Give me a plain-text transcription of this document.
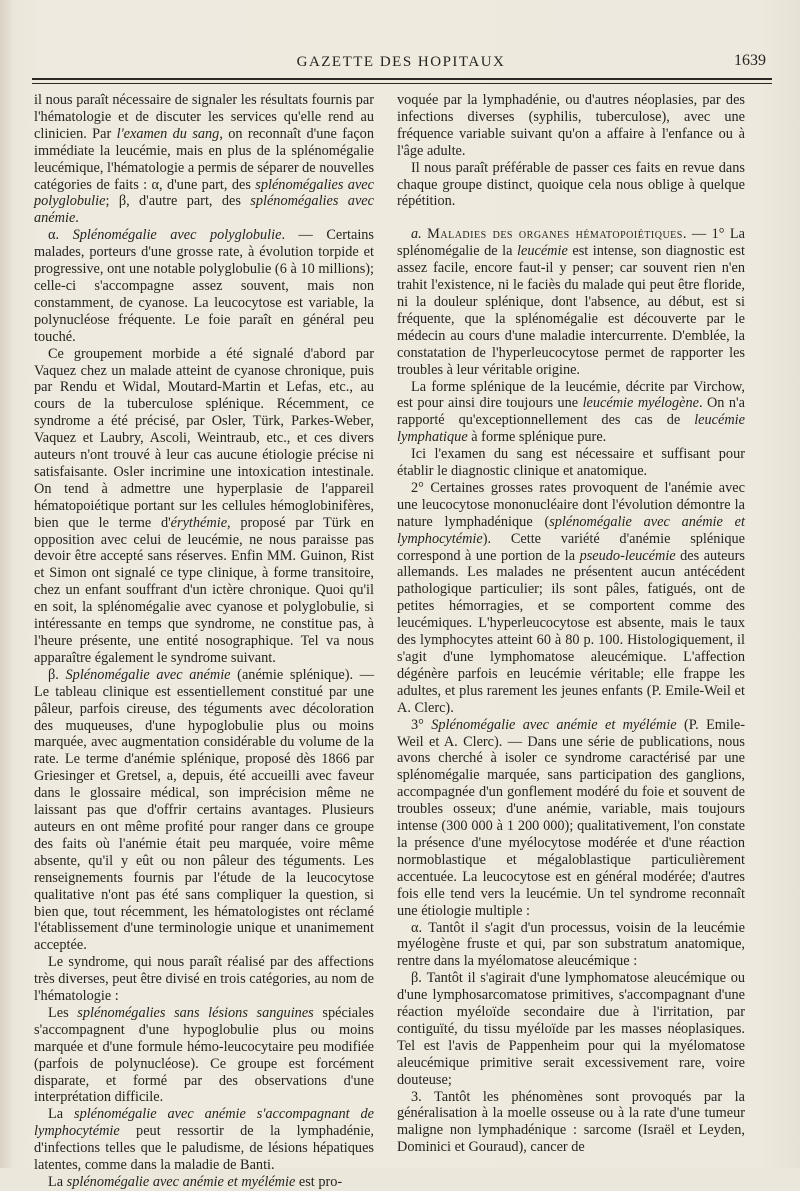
GAZETTE DES HOPITAUX	1639

il nous paraît nécessaire de signaler les résultats fournis par l'hématologie et de discuter les services qu'elle rend au clinicien. Par l'examen du sang, on reconnaît d'une façon immédiate la leucémie, mais en plus de la splénomégalie leucémique, l'hématologie a permis de séparer de nouvelles catégories de faits : α, d'une part, des splénomégalies avec polyglobulie; β, d'autre part, des splénomégalies avec anémie.

α. Splénomégalie avec polyglobulie. — Certains malades, porteurs d'une grosse rate, à évolution torpide et progressive, ont une notable polyglobulie (6 à 10 millions); celle-ci s'accompagne assez souvent, mais non constamment, de cyanose. La leucocytose est variable, la polynucléose fréquente. Le foie paraît en général peu touché.

Ce groupement morbide a été signalé d'abord par Vaquez chez un malade atteint de cyanose chronique, puis par Rendu et Widal, Moutard-Martin et Lefas, etc., au cours de la tuberculose splénique. Récemment, ce syndrome a été précisé, par Osler, Türk, Parkes-Weber, Vaquez et Laubry, Ascoli, Weintraub, etc., et ces divers auteurs n'ont trouvé à leur cas aucune étiologie précise ni satisfaisante. Osler incrimine une intoxication intestinale. On tend à admettre une hyperplasie de l'appareil hématopoiétique portant sur les cellules hémoglobinifères, bien que le terme d'érythémie, proposé par Türk en opposition avec celui de leucémie, ne nous paraisse pas devoir être accepté sans réserves. Enfin MM. Guinon, Rist et Simon ont signalé ce type clinique, à forme transitoire, chez un enfant souffrant d'un ictère chronique. Quoi qu'il en soit, la splénomégalie avec cyanose et polyglobulie, si intéressante en temps que syndrome, ne constitue pas, à l'heure présente, une entité nosographique. Tel va nous apparaître également le syndrome suivant.

β. Splénomégalie avec anémie (anémie splénique). — Le tableau clinique est essentiellement constitué par une pâleur, parfois cireuse, des téguments avec décoloration des muqueuses, d'une hypoglobulie plus ou moins marquée, avec augmentation considérable du volume de la rate. Le terme d'anémie splénique, proposé dès 1866 par Griesinger et Gretsel, a, depuis, été accueilli avec faveur dans le glossaire médical, son imprécision même ne laissant pas que d'offrir certains avantages. Plusieurs auteurs en ont même profité pour ranger dans ce groupe des faits où l'anémie était peu marquée, voire même absente, qu'il y eût ou non pâleur des téguments. Les renseignements fournis par l'étude de la leucocytose qualitative n'ont pas été sans compliquer la question, si bien que, tout récemment, les hématologistes ont réclamé l'établissement d'une terminologie unique et unanimement acceptée.

Le syndrome, qui nous paraît réalisé par des affections très diverses, peut être divisé en trois catégories, au nom de l'hématologie :

Les splénomégalies sans lésions sanguines spéciales s'accompagnent d'une hypoglobulie plus ou moins marquée et d'une formule hémo-leucocytaire peu modifiée (parfois de polynucléose). Ce groupe est forcément disparate, et formé par des observations d'une interprétation difficile.

La splénomégalie avec anémie s'accompagnant de lymphocytémie peut ressortir de la lymphadénie, d'infections telles que le paludisme, de lésions hépatiques latentes, comme dans la maladie de Banti.

La splénomégalie avec anémie et myélémie est pro-

voquée par la lymphadénie, ou d'autres néoplasies, par des infections diverses (syphilis, tuberculose), avec une fréquence variable suivant qu'on a affaire à l'enfance ou à l'âge adulte.

Il nous paraît préférable de passer ces faits en revue dans chaque groupe distinct, quoique cela nous oblige à quelque répétition.

a. Maladies des organes hématopoiétiques. — 1° La splénomégalie de la leucémie est intense, son diagnostic est assez facile, encore faut-il y penser; car souvent rien n'en trahit l'existence, ni le faciès du malade qui peut être floride, ni la douleur splénique, dont l'absence, au début, est si fréquente, que la splénomégalie est découverte par le médecin au cours d'une maladie intercurrente. D'emblée, la constatation de l'hyperleucocytose permet de rapporter les troubles à leur véritable origine.

La forme splénique de la leucémie, décrite par Virchow, est pour ainsi dire toujours une leucémie myélogène. On n'a rapporté qu'exceptionnellement des cas de leucémie lymphatique à forme splénique pure.

Ici l'examen du sang est nécessaire et suffisant pour établir le diagnostic clinique et anatomique.

2° Certaines grosses rates provoquent de l'anémie avec une leucocytose mononucléaire dont l'évolution démontre la nature lymphadénique (splénomégalie avec anémie et lymphocytémie). Cette variété d'anémie splénique correspond à une portion de la pseudo-leucémie des auteurs allemands. Les malades ne présentent aucun antécédent pathologique particulier; ils sont pâles, fatigués, ont de petites hémorragies, et se comportent comme des leucémiques. L'hyperleucocytose est absente, mais le taux des lymphocytes atteint 60 à 80 p. 100. Histologiquement, il s'agit d'une lymphomatose aleucémique. L'affection dégénère parfois en leucémie véritable; elle frappe les adultes, et plus rarement les jeunes enfants (P. Emile-Weil et A. Clerc).

3° Splénomégalie avec anémie et myélémie (P. Emile-Weil et A. Clerc). — Dans une série de publications, nous avons cherché à isoler ce syndrome caractérisé par une splénomégalie marquée, sans participation des ganglions, accompagnée d'un gonflement modéré du foie et souvent de troubles osseux; d'une anémie, variable, mais toujours intense (300 000 à 1 200 000); qualitativement, l'on constate la présence d'une myélocytose modérée et d'une réaction normoblastique et mégaloblastique particulièrement accentuée. La leucocytose est en général modérée; d'autres fois elle tend vers la leucémie. Un tel syndrome reconnaît une étiologie multiple :

α. Tantôt il s'agit d'un processus, voisin de la leucémie myélogène fruste et qui, par son substratum anatomique, rentre dans la myélomatose aleucémique :

β. Tantôt il s'agirait d'une lymphomatose aleucémique ou d'une lymphosarcomatose primitives, s'accompagnant d'une réaction myéloïde secondaire due à l'irritation, par contiguïté, du tissu myéloïde par les masses néoplasiques. Tel est l'avis de Pappenheim pour qui la myélomatose aleucémique primitive serait excessivement rare, voire douteuse;

3. Tantôt les phénomènes sont provoqués par la généralisation à la moelle osseuse ou à la rate d'une tumeur maligne non lymphadénique : sarcome (Israël et Leyden, Dominici et Gouraud), cancer de
